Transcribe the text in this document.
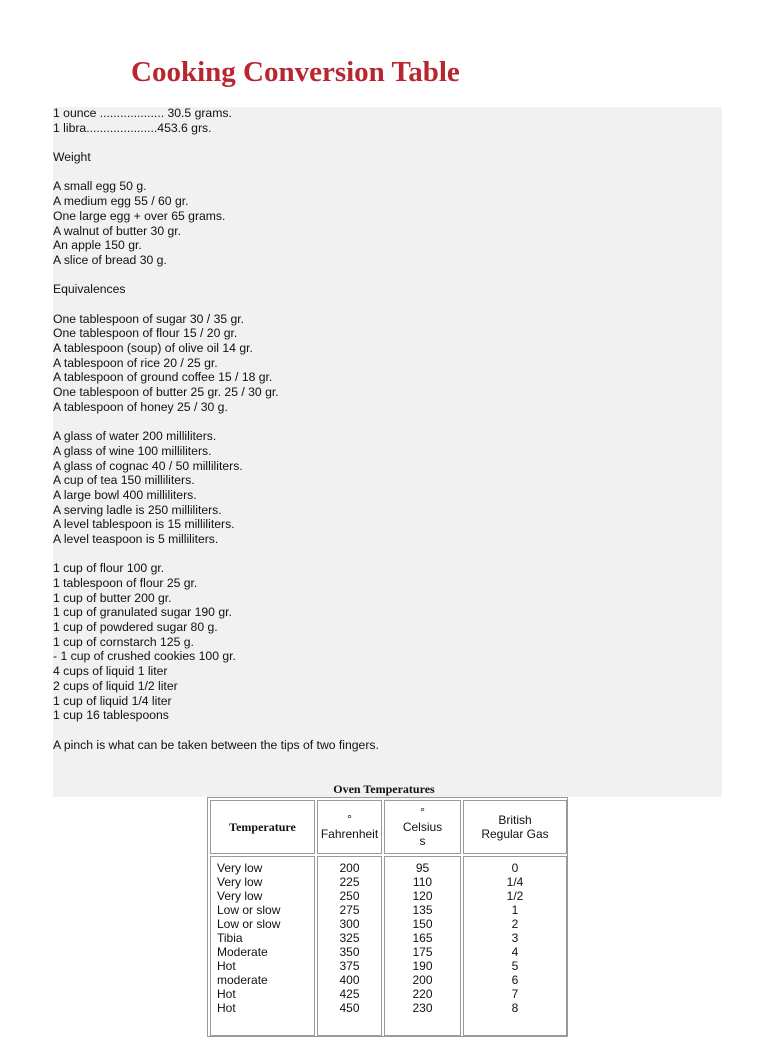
Cooking Conversion Table
1 ounce ................... 30.5 grams.
1 libra.....................453.6 grs.
Weight
A small egg 50 g.
A medium egg 55 / 60 gr.
One large egg + over 65 grams.
A walnut of butter 30 gr.
An apple 150 gr.
A slice of bread 30 g.
Equivalences
One tablespoon of sugar 30 / 35 gr.
One tablespoon of flour 15 / 20 gr.
A tablespoon (soup) of olive oil 14 gr.
A tablespoon of rice 20 / 25 gr.
A tablespoon of ground coffee 15 / 18 gr.
One tablespoon of butter 25 gr. 25 / 30 gr.
A tablespoon of honey 25 / 30 g.
A glass of water 200 milliliters.
A glass of wine 100 milliliters.
A glass of cognac 40 / 50 milliliters.
A cup of tea 150 milliliters.
A large bowl 400 milliliters.
A serving ladle is 250 milliliters.
A level tablespoon is 15 milliliters.
A level teaspoon is 5 milliliters.
1 cup of flour 100 gr.
1 tablespoon of flour 25 gr.
1 cup of butter 200 gr.
1 cup of granulated sugar 190 gr.
1 cup of powdered sugar 80 g.
1 cup of cornstarch 125 g.
- 1 cup of crushed cookies 100 gr.
4 cups of liquid 1 liter
2 cups of liquid 1/2 liter
1 cup of liquid 1/4 liter
1 cup 16 tablespoons
A pinch is what can be taken between the tips of two fingers.
Oven Temperatures
Temperature
°
Fahrenheit
°
Celsius
s
British
Regular Gas
Very low
Very low
Very low
Low or slow
Low or slow
Tibia
Moderate
Hot
moderate
Hot
Hot
200
225
250
275
300
325
350
375
400
425
450
95
110
120
135
150
165
175
190
200
220
230
0
1/4
1/2
1
2
3
4
5
6
7
8
